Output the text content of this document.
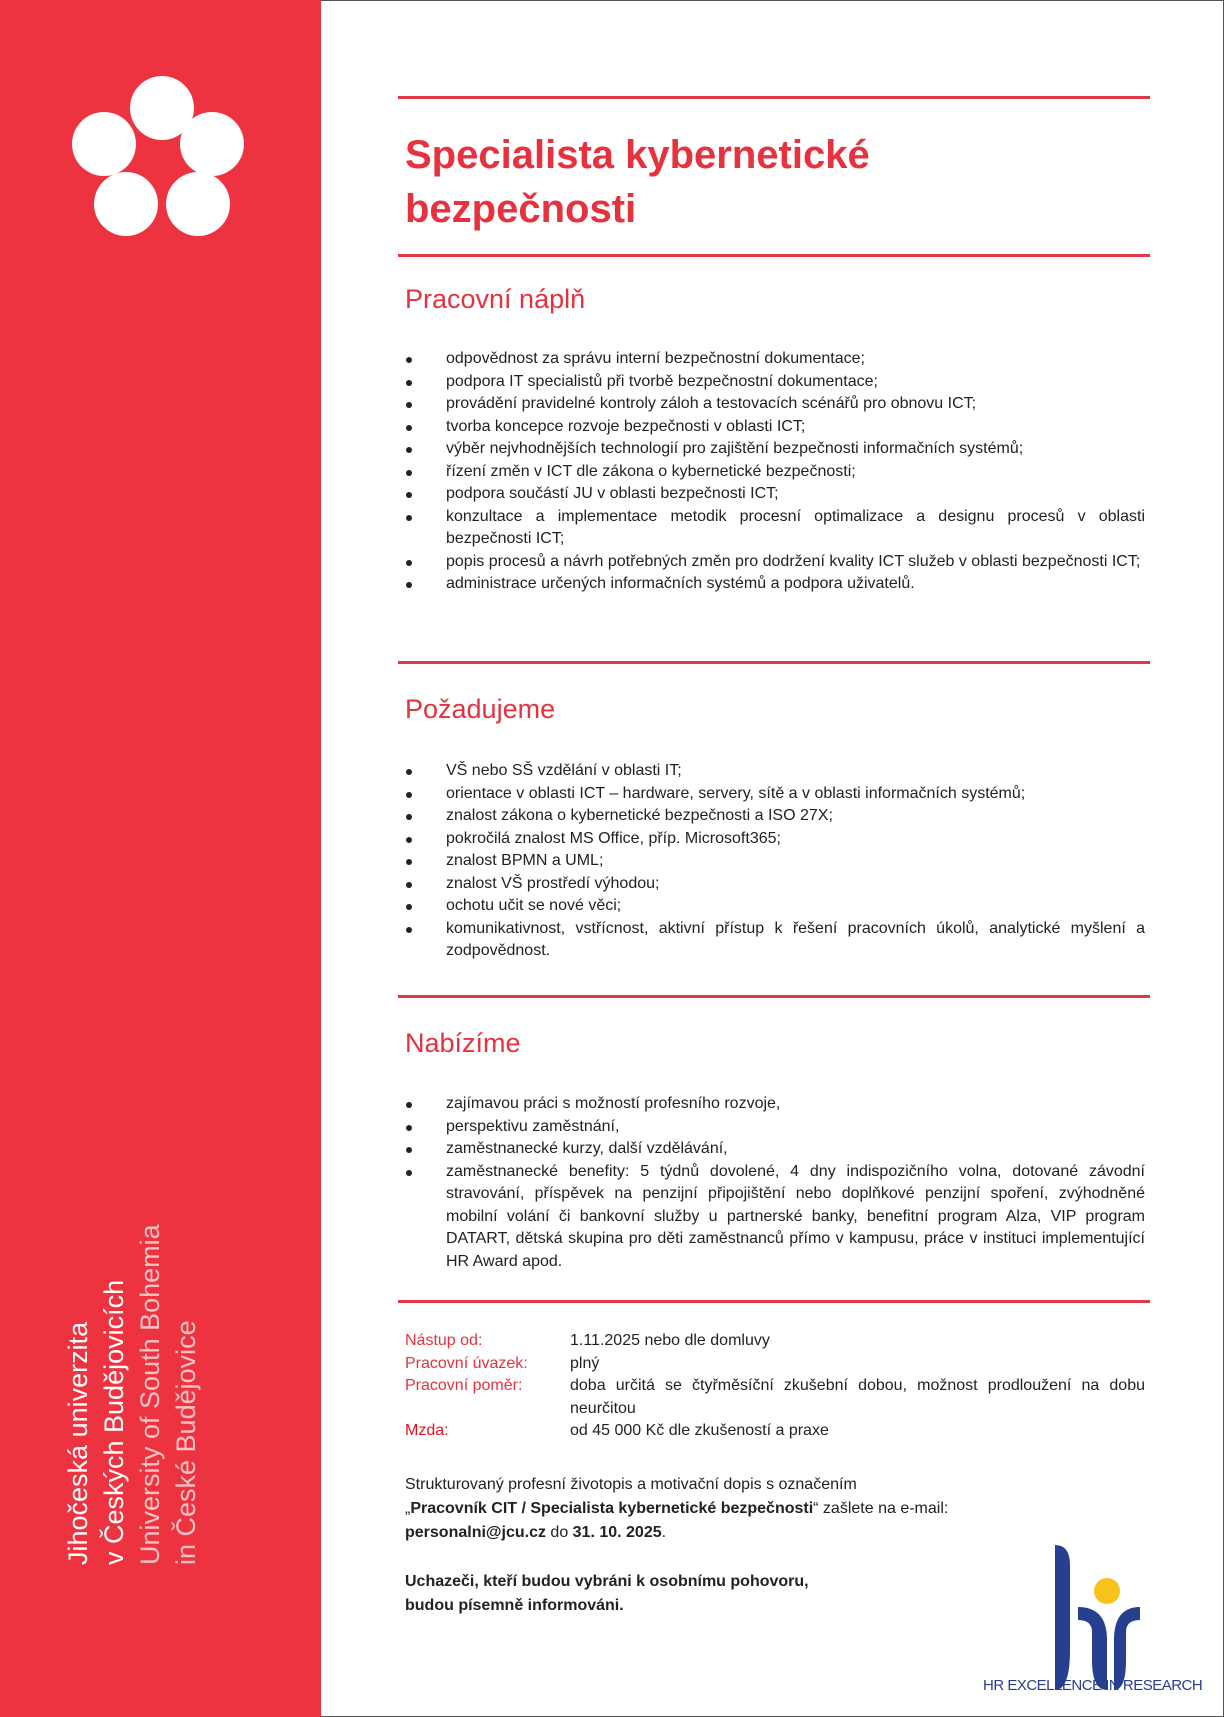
Jihočeská univerzita v Českých Budějovicích University of South Bohemia in České Budějovice
Specialista kybernetické
bezpečnosti
Pracovní náplň
odpovědnost za správu interní bezpečnostní dokumentace;
podpora IT specialistů při tvorbě bezpečnostní dokumentace;
provádění pravidelné kontroly záloh a testovacích scénářů pro obnovu ICT;
tvorba koncepce rozvoje bezpečnosti v oblasti ICT;
výběr nejvhodnějších technologií pro zajištění bezpečnosti informačních systémů;
řízení změn v ICT dle zákona o kybernetické bezpečnosti;
podpora součástí JU v oblasti bezpečnosti ICT;
konzultace a implementace metodik procesní optimalizace a designu procesů v oblasti bezpečnosti ICT;
popis procesů a návrh potřebných změn pro dodržení kvality ICT služeb v oblasti bezpečnosti ICT;
administrace určených informačních systémů a podpora uživatelů.
Požadujeme
VŠ nebo SŠ vzdělání v oblasti IT;
orientace v oblasti ICT – hardware, servery, sítě a v oblasti informačních systémů;
znalost zákona o kybernetické bezpečnosti a ISO 27X;
pokročilá znalost MS Office, příp. Microsoft365;
znalost BPMN a UML;
znalost VŠ prostředí výhodou;
ochotu učit se nové věci;
komunikativnost, vstřícnost, aktivní přístup k řešení pracovních úkolů, analytické myšlení a zodpovědnost.
Nabízíme
zajímavou práci s možností profesního rozvoje,
perspektivu zaměstnání,
zaměstnanecké kurzy, další vzdělávání,
zaměstnanecké benefity: 5 týdnů dovolené, 4 dny indispozičního volna, dotované závodní stravování, příspěvek na penzijní připojištění nebo doplňkové penzijní spoření, zvýhodněné mobilní volání či bankovní služby u partnerské banky, benefitní program Alza, VIP program DATART, dětská skupina pro děti zaměstnanců přímo v kampusu, práce v instituci implementující HR Award apod.
Nástup od:	1.11.2025 nebo dle domluvy
Pracovní úvazek:	plný
Pracovní poměr:	doba určitá se čtyřměsíční zkušební dobou, možnost prodloužení na dobu neurčitou
Mzda:	od 45 000 Kč dle zkušeností a praxe
Strukturovaný profesní životopis a motivační dopis s označením
„Pracovník CIT / Specialista kybernetické bezpečnosti“ zašlete na e-mail:
personalni@jcu.cz do 31. 10. 2025.
Uchazeči, kteří budou vybráni k osobnímu pohovoru,
budou písemně informováni.
HR EXCELLENCE IN RESEARCH
